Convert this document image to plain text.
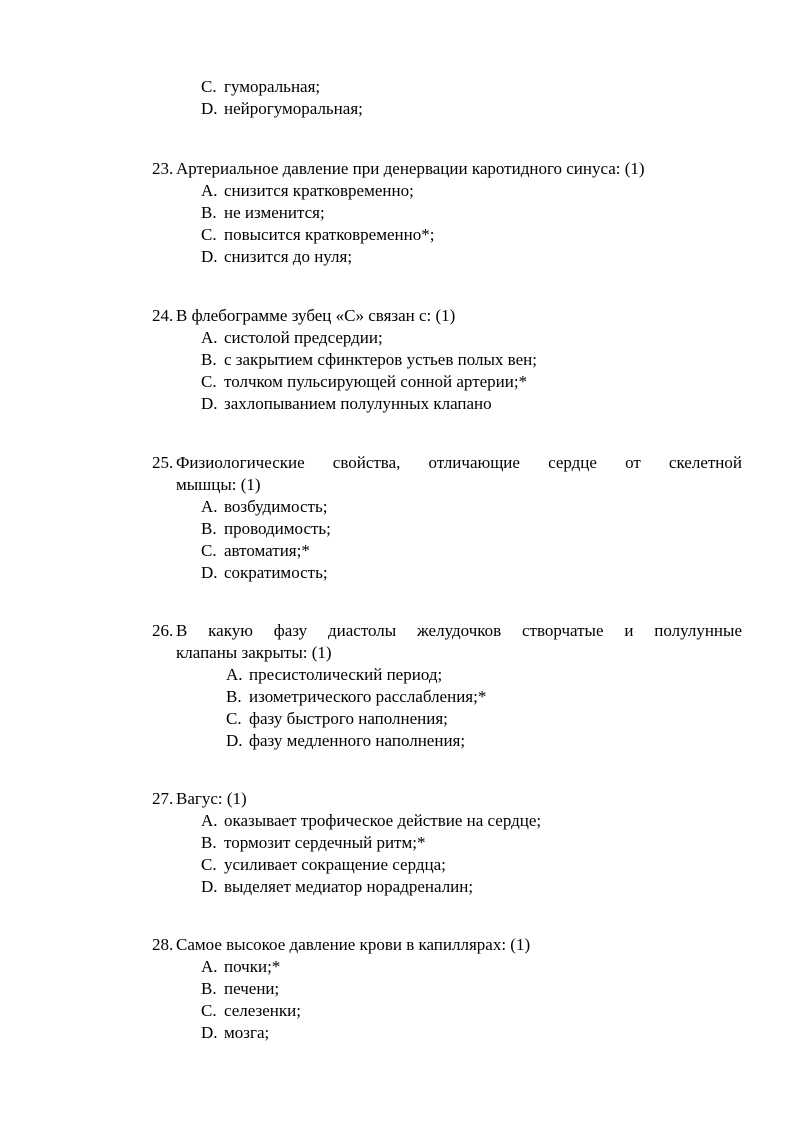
C. гуморальная;
D. нейрогуморальная;
23. Артериальное давление при денервации каротидного синуса: (1)
A. снизится кратковременно;
B. не изменится;
C. повысится кратковременно*;
D. снизится до нуля;
24. В флебограмме зубец «С» связан с: (1)
A. систолой предсердии;
B. с закрытием сфинктеров устьев полых вен;
C. толчком пульсирующей сонной артерии;*
D. захлопыванием полулунных клапано
25. Физиологические свойства, отличающие сердце от скелетной
мышцы: (1)
A. возбудимость;
B. проводимость;
C. автоматия;*
D. сократимость;
26. В какую фазу диастолы желудочков створчатые и полулунные
клапаны закрыты: (1)
A. пресистолический период;
B. изометрического расслабления;*
C. фазу быстрого наполнения;
D. фазу медленного наполнения;
27. Вагус: (1)
A. оказывает трофическое действие на сердце;
B. тормозит сердечный ритм;*
C. усиливает сокращение сердца;
D. выделяет медиатор норадреналин;
28. Самое высокое давление крови в капиллярах: (1)
A. почки;*
B. печени;
C. селезенки;
D. мозга;
